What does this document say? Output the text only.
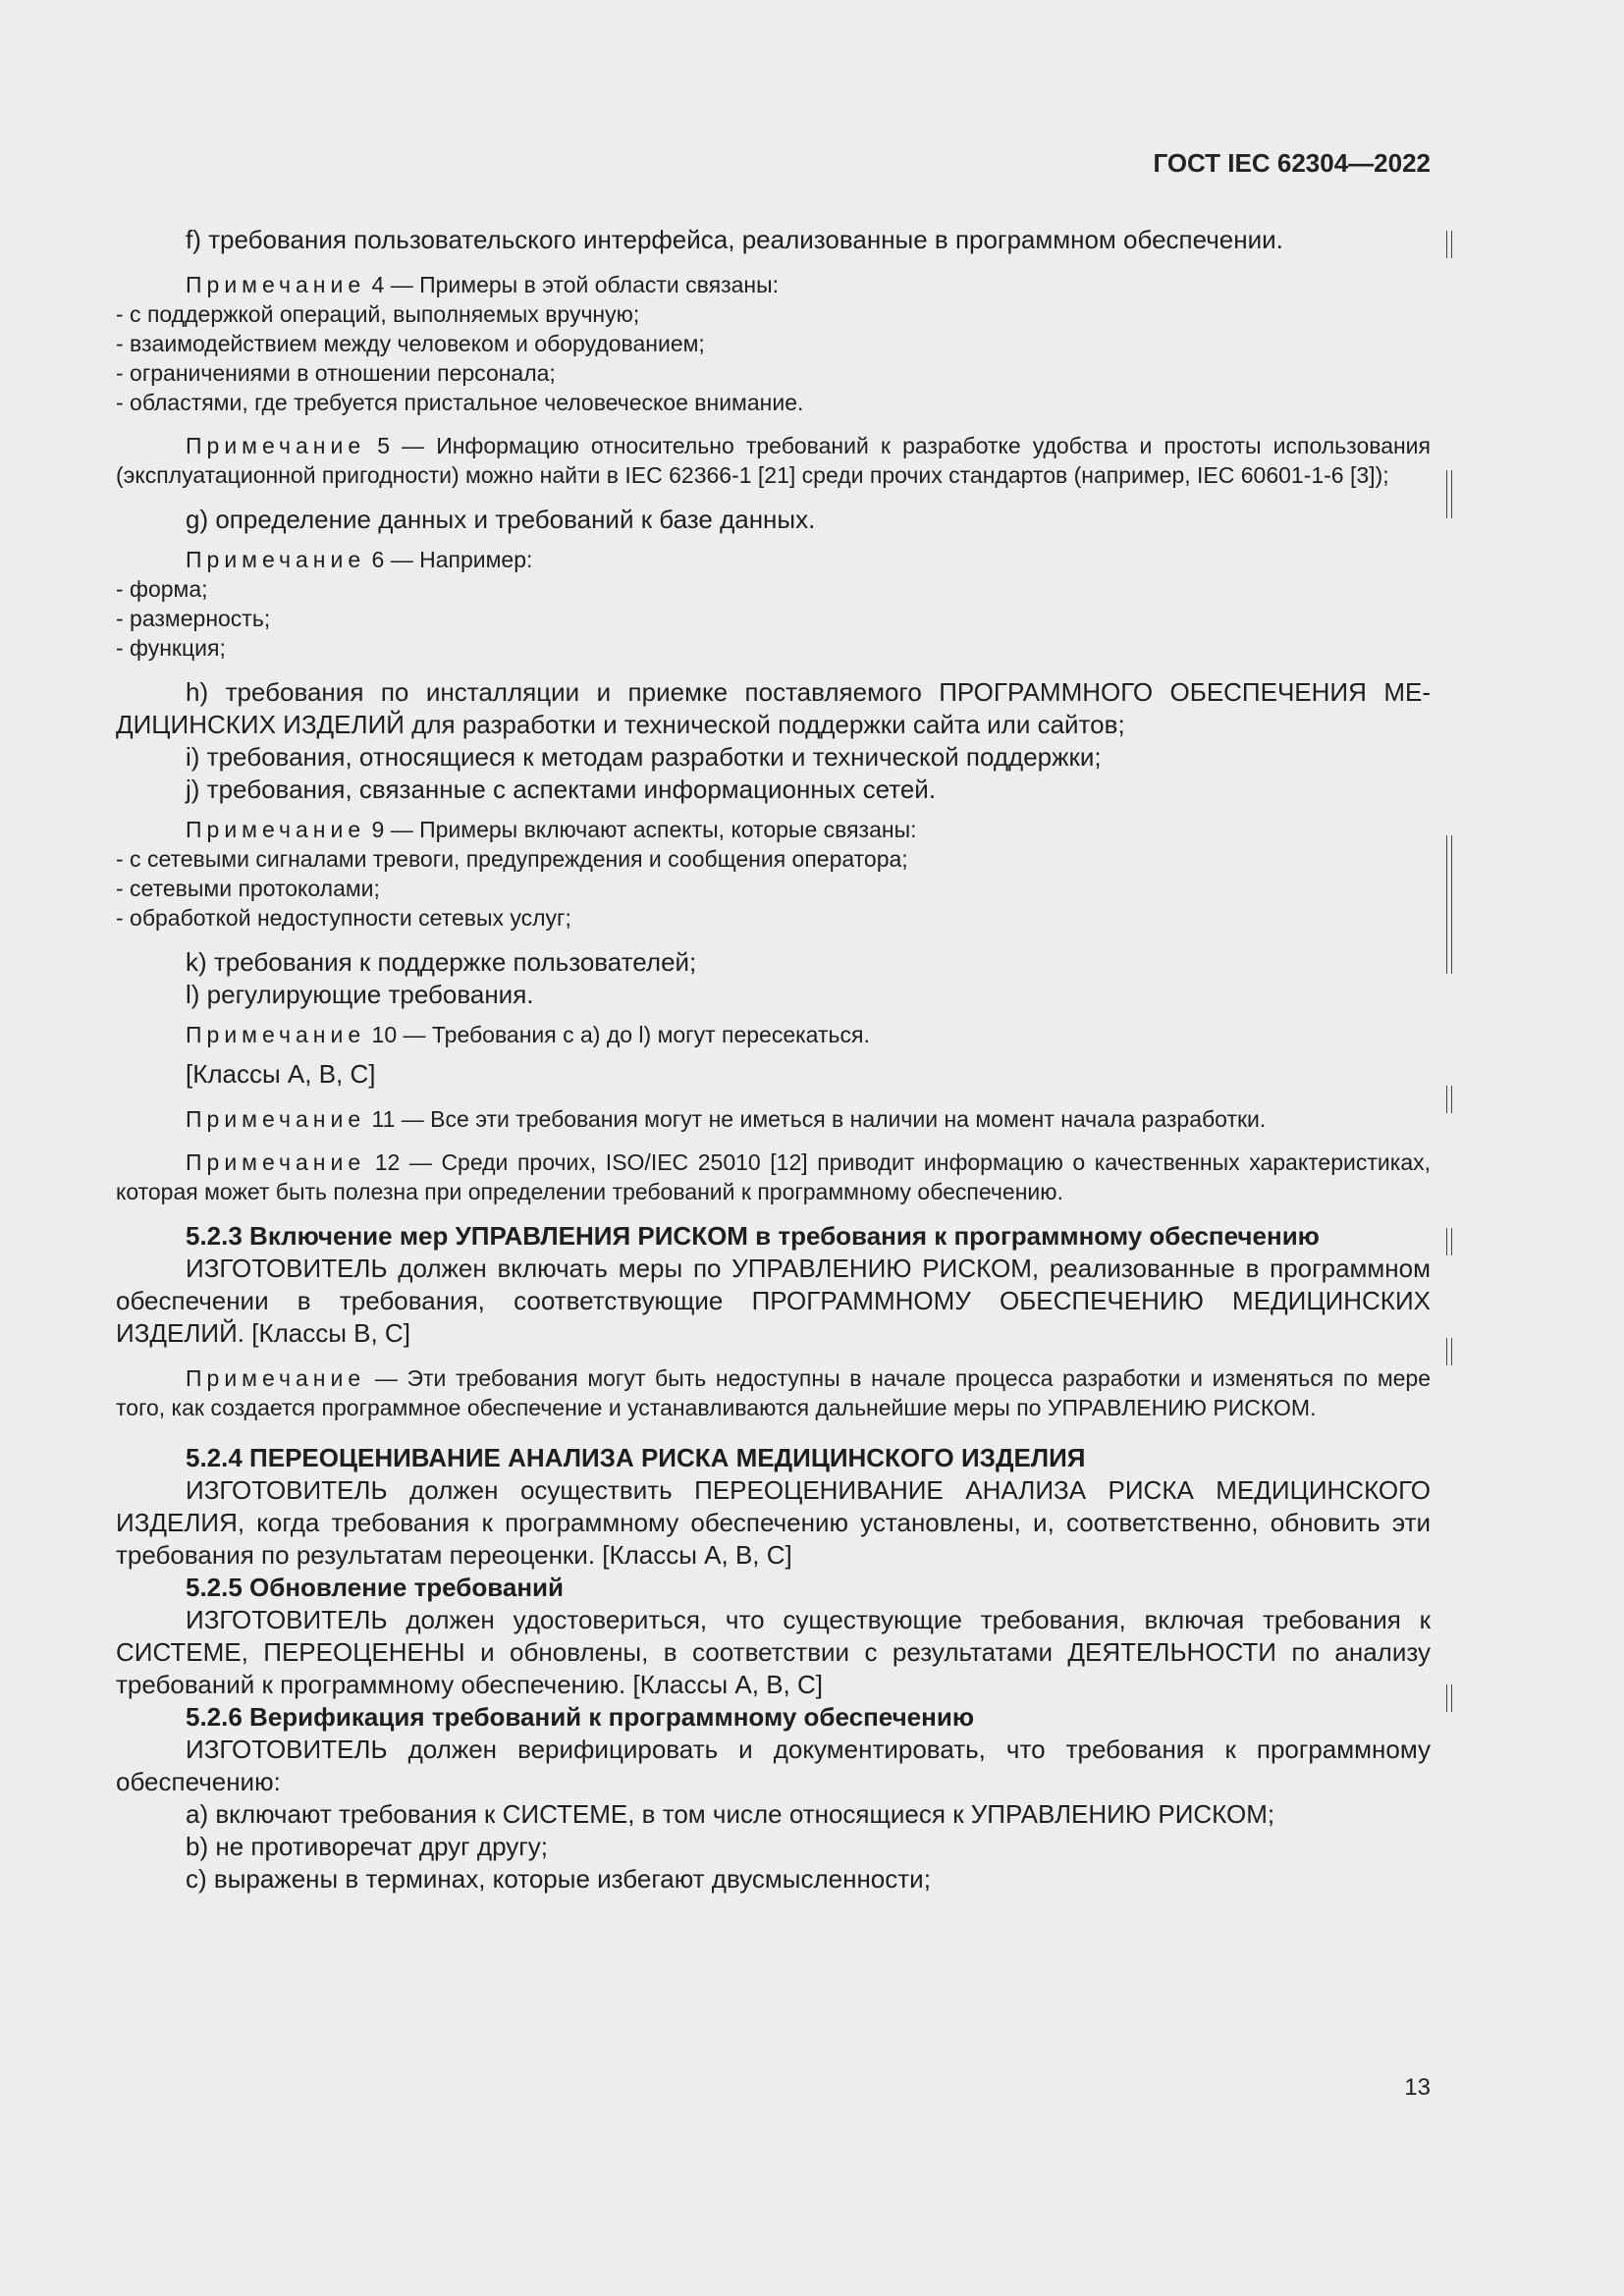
ГОСТ IEC 62304—2022

f) требования пользовательского интерфейса, реализованные в программном обеспечении.

Примечание 4 — Примеры в этой области связаны:

- с поддержкой операций, выполняемых вручную;

- взаимодействием между человеком и оборудованием;

- ограничениями в отношении персонала;

- областями, где требуется пристальное человеческое внимание.

Примечание 5 — Информацию относительно требований к разработке удобства и простоты использования (эксплуатационной пригодности) можно найти в IEC 62366-1 [21] среди прочих стандартов (например, IEC 60601-1-6 [3]);

g) определение данных и требований к базе данных.

Примечание 6 — Например:

- форма;

- размерность;

- функция;

h) требования по инсталляции и приемке поставляемого ПРОГРАММНОГО ОБЕСПЕЧЕНИЯ МЕДИЦИНСКИХ ИЗДЕЛИЙ для разработки и технической поддержки сайта или сайтов;

i) требования, относящиеся к методам разработки и технической поддержки;

j) требования, связанные с аспектами информационных сетей.

Примечание 9 — Примеры включают аспекты, которые связаны:

- с сетевыми сигналами тревоги, предупреждения и сообщения оператора;

- сетевыми протоколами;

- обработкой недоступности сетевых услуг;

k) требования к поддержке пользователей;

l) регулирующие требования.

Примечание 10 — Требования с a) до l) могут пересекаться.

[Классы А, В, С]

Примечание 11 — Все эти требования могут не иметься в наличии на момент начала разработки.

Примечание 12 — Среди прочих, ISO/IEC 25010 [12] приводит информацию о качественных характеристиках, которая может быть полезна при определении требований к программному обеспечению.

5.2.3 Включение мер УПРАВЛЕНИЯ РИСКОМ в требования к программному обеспечению

ИЗГОТОВИТЕЛЬ должен включать меры по УПРАВЛЕНИЮ РИСКОМ, реализованные в программном обеспечении в требования, соответствующие ПРОГРАММНОМУ ОБЕСПЕЧЕНИЮ МЕДИЦИНСКИХ ИЗДЕЛИЙ. [Классы В, С]

Примечание — Эти требования могут быть недоступны в начале процесса разработки и изменяться по мере того, как создается программное обеспечение и устанавливаются дальнейшие меры по УПРАВЛЕНИЮ РИСКОМ.

5.2.4 ПЕРЕОЦЕНИВАНИЕ АНАЛИЗА РИСКА МЕДИЦИНСКОГО ИЗДЕЛИЯ

ИЗГОТОВИТЕЛЬ должен осуществить ПЕРЕОЦЕНИВАНИЕ АНАЛИЗА РИСКА МЕДИЦИНСКОГО ИЗДЕЛИЯ, когда требования к программному обеспечению установлены, и, соответственно, обновить эти требования по результатам переоценки. [Классы А, В, С]

5.2.5 Обновление требований

ИЗГОТОВИТЕЛЬ должен удостовериться, что существующие требования, включая требования к СИСТЕМЕ, ПЕРЕОЦЕНЕНЫ и обновлены, в соответствии с результатами ДЕЯТЕЛЬНОСТИ по анализу требований к программному обеспечению. [Классы А, В, С]

5.2.6 Верификация требований к программному обеспечению

ИЗГОТОВИТЕЛЬ должен верифицировать и документировать, что требования к программному обеспечению:

a) включают требования к СИСТЕМЕ, в том числе относящиеся к УПРАВЛЕНИЮ РИСКОМ;

b) не противоречат друг другу;

c) выражены в терминах, которые избегают двусмысленности;

13
